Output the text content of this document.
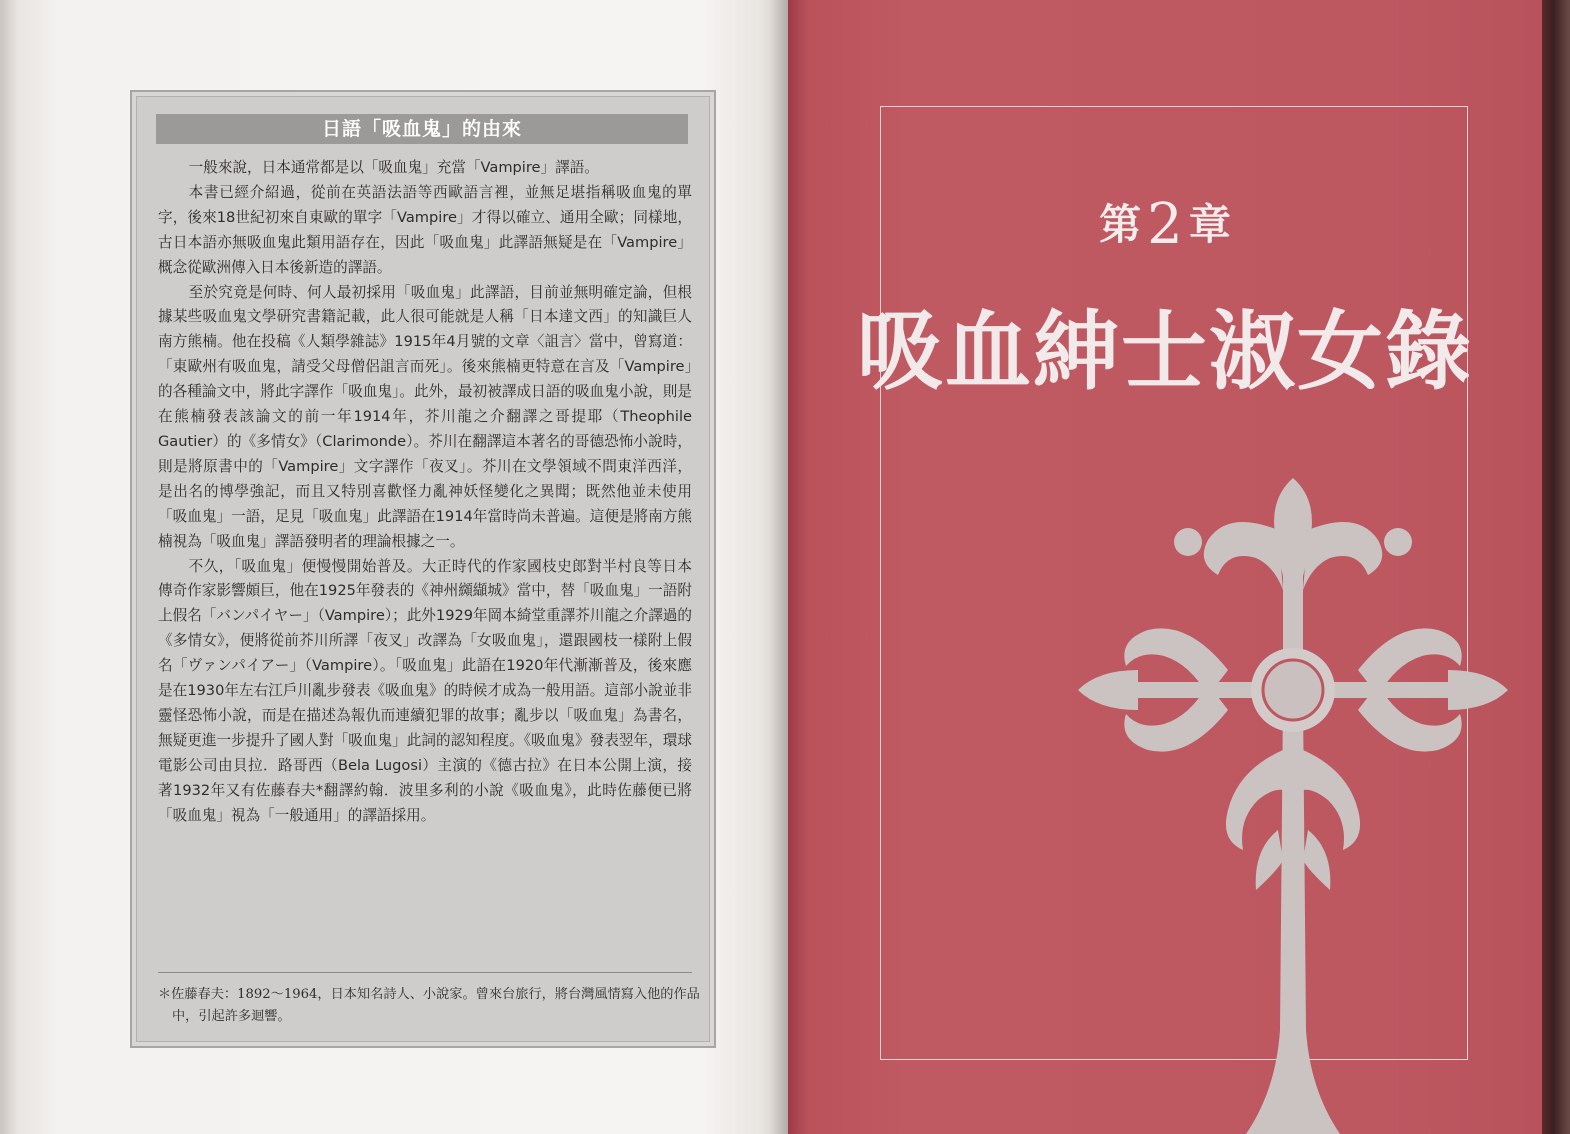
日語「吸血鬼」的由來

一般來說，日本通常都是以「吸血鬼」充當「Vampire」譯語。

本書已經介紹過，從前在英語法語等西歐語言裡，並無足堪指稱吸血鬼的單字，後來18世紀初來自東歐的單字「Vampire」才得以確立、通用全歐；同樣地，古日本語亦無吸血鬼此類用語存在，因此「吸血鬼」此譯語無疑是在「Vampire」概念從歐洲傳入日本後新造的譯語。

至於究竟是何時、何人最初採用「吸血鬼」此譯語，目前並無明確定論，但根據某些吸血鬼文學研究書籍記載，此人很可能就是人稱「日本達文西」的知識巨人南方熊楠。他在投稿《人類學雜誌》1915年4月號的文章〈詛言〉當中，曾寫道：「東歐州有吸血鬼，請受父母僧侶詛言而死」。後來熊楠更特意在言及「Vampire」的各種論文中，將此字譯作「吸血鬼」。此外，最初被譯成日語的吸血鬼小說，則是在熊楠發表該論文的前一年1914年，芥川龍之介翻譯之哥提耶（Theophile Gautier）的《多情女》（Clarimonde）。芥川在翻譯這本著名的哥德恐怖小說時，則是將原書中的「Vampire」文字譯作「夜叉」。芥川在文學領域不問東洋西洋，是出名的博學強記，而且又特別喜歡怪力亂神妖怪變化之異聞；既然他並未使用「吸血鬼」一語，足見「吸血鬼」此譯語在1914年當時尚未普遍。這便是將南方熊楠視為「吸血鬼」譯語發明者的理論根據之一。

不久，「吸血鬼」便慢慢開始普及。大正時代的作家國枝史郎對半村良等日本傳奇作家影響頗巨，他在1925年發表的《神州纐纈城》當中，替「吸血鬼」一語附上假名「バンパイヤー」（Vampire）；此外1929年岡本綺堂重譯芥川龍之介譯過的《多情女》，便將從前芥川所譯「夜叉」改譯為「女吸血鬼」，還跟國枝一樣附上假名「ヴァンパイアー」（Vampire）。「吸血鬼」此語在1920年代漸漸普及，後來應是在1930年左右江戶川亂步發表《吸血鬼》的時候才成為一般用語。這部小說並非靈怪恐怖小說，而是在描述為報仇而連續犯罪的故事；亂步以「吸血鬼」為書名，無疑更進一步提升了國人對「吸血鬼」此詞的認知程度。《吸血鬼》發表翌年，環球電影公司由貝拉．路哥西（Bela Lugosi）主演的《德古拉》在日本公開上演，接著1932年又有佐藤春夫*翻譯約翰．波里多利的小說《吸血鬼》，此時佐藤便已將「吸血鬼」視為「一般通用」的譯語採用。

＊佐藤春夫：1892～1964，日本知名詩人、小說家。曾來台旅行，將台灣風情寫入他的作品中，引起許多迴響。
第 2 章
吸血紳士淑女錄
